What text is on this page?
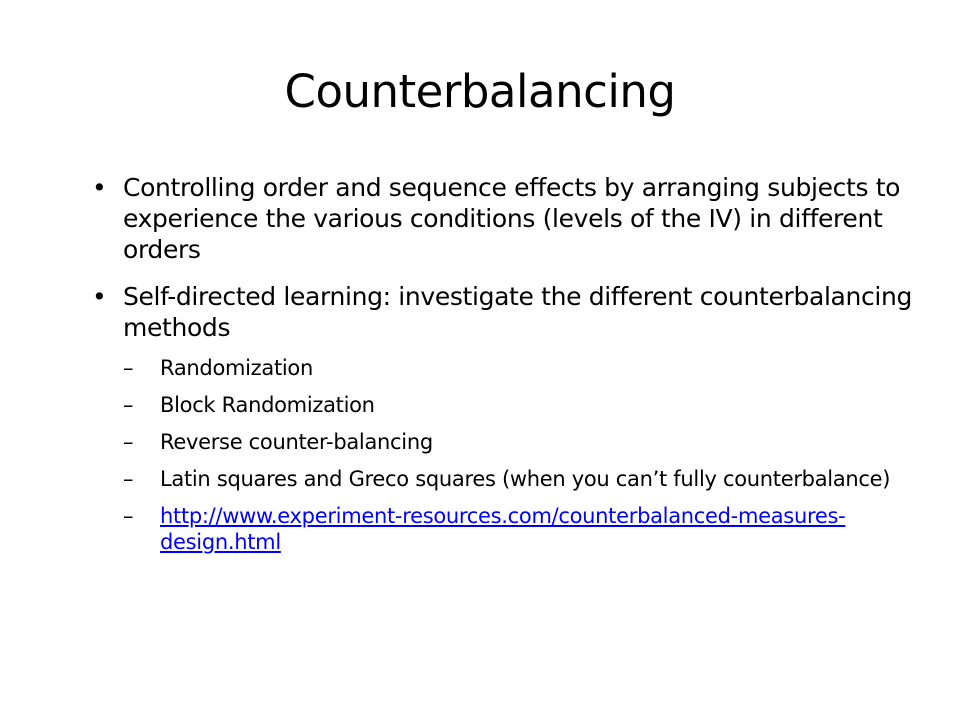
Counterbalancing
• Controlling order and sequence effects by arranging subjects to experience the various conditions (levels of the IV) in different orders
• Self-directed learning: investigate the different counterbalancing methods
– Randomization
– Block Randomization
– Reverse counter-balancing
– Latin squares and Greco squares (when you can’t fully counterbalance)
– http://www.experiment-resources.com/counterbalanced-measures-design.html
